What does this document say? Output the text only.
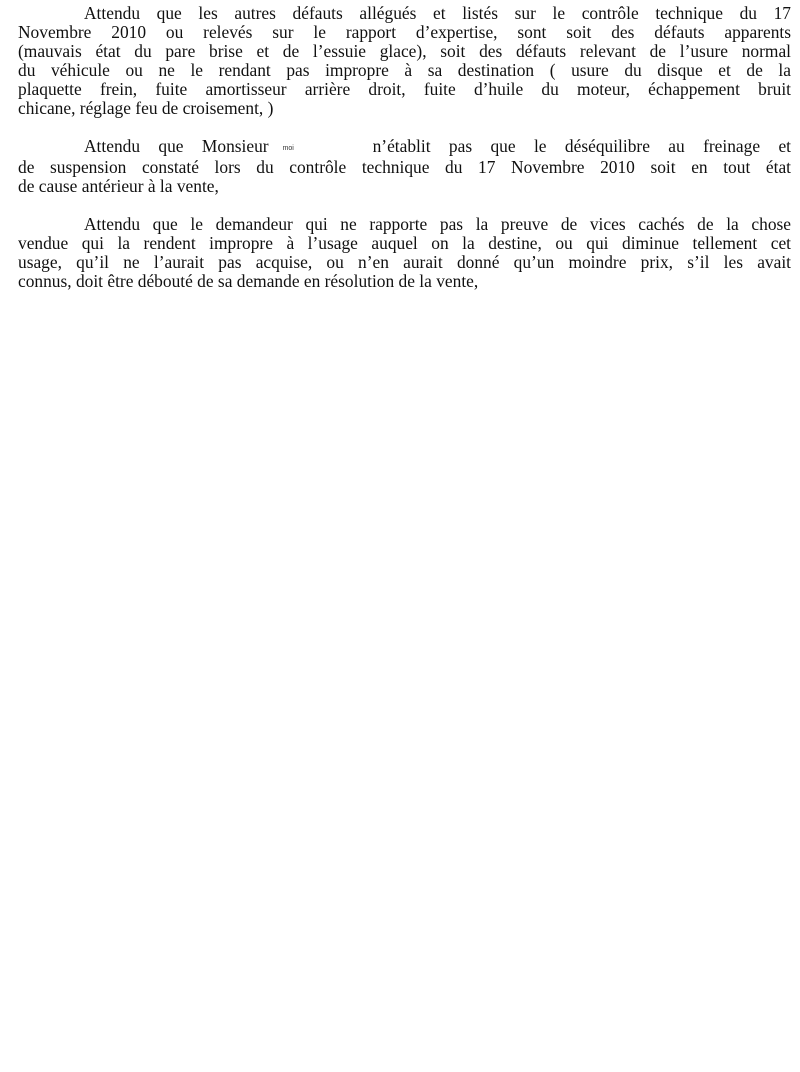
Attendu que les autres défauts allégués et listés sur le contrôle technique du 17
Novembre 2010 ou relevés sur le rapport d’expertise, sont soit des défauts apparents
(mauvais état du pare brise et de l’essuie glace), soit des défauts relevant de l’usure normal
du véhicule ou ne le rendant pas impropre à sa destination ( usure du disque et de la
plaquette frein, fuite amortisseur arrière droit, fuite d’huile du moteur, échappement bruit
chicane, réglage feu de croisement, )

Attendu que Monsieur moi	n’établit pas que le déséquilibre au freinage et
de suspension constaté lors du contrôle technique du 17 Novembre 2010 soit en tout état
de cause antérieur à la vente,

Attendu que le demandeur qui ne rapporte pas la preuve de vices cachés de la chose
vendue qui la rendent impropre à l’usage auquel on la destine, ou qui diminue tellement cet
usage, qu’il ne l’aurait pas acquise, ou n’en aurait donné qu’un moindre prix, s’il les avait
connus, doit être débouté de sa demande en résolution de la vente,
